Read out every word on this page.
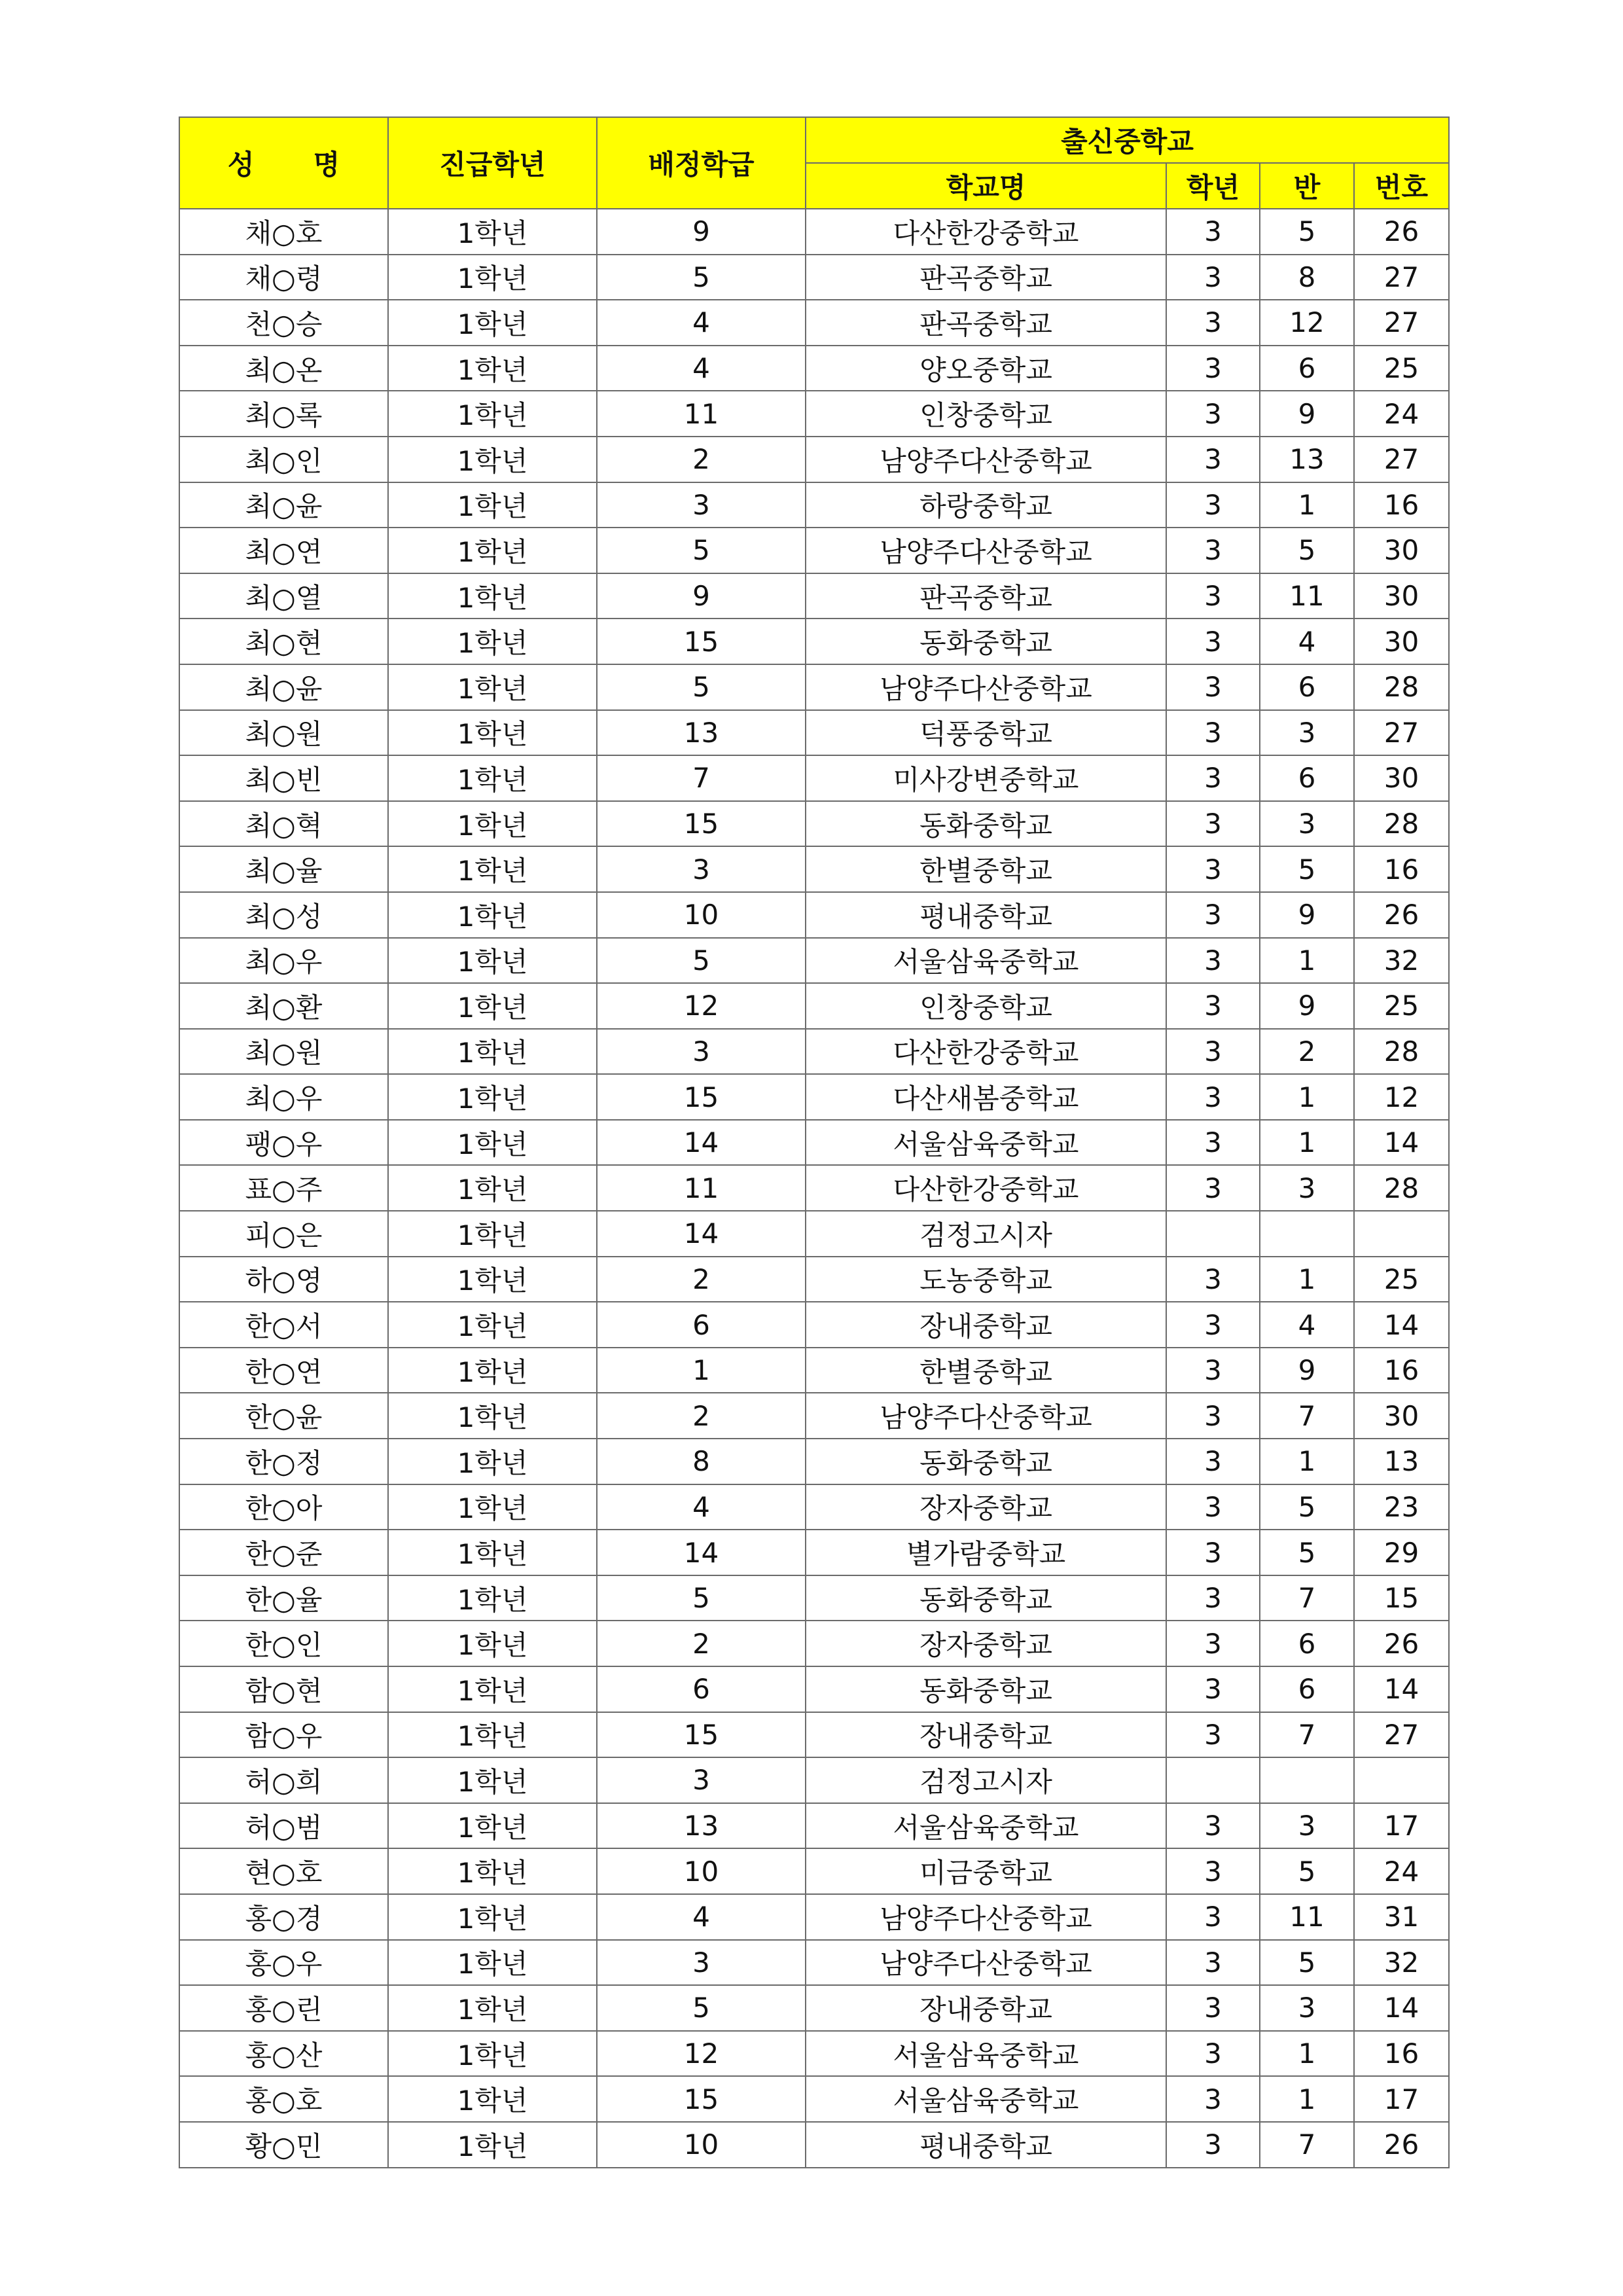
성 명	진급학년	배정학급	출신중학교			
			학교명	학년	반	번호
채○호	1학년	9	다산한강중학교	3	5	26
채○령	1학년	5	판곡중학교	3	8	27
천○승	1학년	4	판곡중학교	3	12	27
최○온	1학년	4	양오중학교	3	6	25
최○록	1학년	11	인창중학교	3	9	24
최○인	1학년	2	남양주다산중학교	3	13	27
최○윤	1학년	3	하랑중학교	3	1	16
최○연	1학년	5	남양주다산중학교	3	5	30
최○열	1학년	9	판곡중학교	3	11	30
최○현	1학년	15	동화중학교	3	4	30
최○윤	1학년	5	남양주다산중학교	3	6	28
최○원	1학년	13	덕풍중학교	3	3	27
최○빈	1학년	7	미사강변중학교	3	6	30
최○혁	1학년	15	동화중학교	3	3	28
최○율	1학년	3	한별중학교	3	5	16
최○성	1학년	10	평내중학교	3	9	26
최○우	1학년	5	서울삼육중학교	3	1	32
최○환	1학년	12	인창중학교	3	9	25
최○원	1학년	3	다산한강중학교	3	2	28
최○우	1학년	15	다산새봄중학교	3	1	12
팽○우	1학년	14	서울삼육중학교	3	1	14
표○주	1학년	11	다산한강중학교	3	3	28
피○은	1학년	14	검정고시자			
하○영	1학년	2	도농중학교	3	1	25
한○서	1학년	6	장내중학교	3	4	14
한○연	1학년	1	한별중학교	3	9	16
한○윤	1학년	2	남양주다산중학교	3	7	30
한○정	1학년	8	동화중학교	3	1	13
한○아	1학년	4	장자중학교	3	5	23
한○준	1학년	14	별가람중학교	3	5	29
한○율	1학년	5	동화중학교	3	7	15
한○인	1학년	2	장자중학교	3	6	26
함○현	1학년	6	동화중학교	3	6	14
함○우	1학년	15	장내중학교	3	7	27
허○희	1학년	3	검정고시자			
허○범	1학년	13	서울삼육중학교	3	3	17
현○호	1학년	10	미금중학교	3	5	24
홍○경	1학년	4	남양주다산중학교	3	11	31
홍○우	1학년	3	남양주다산중학교	3	5	32
홍○린	1학년	5	장내중학교	3	3	14
홍○산	1학년	12	서울삼육중학교	3	1	16
홍○호	1학년	15	서울삼육중학교	3	1	17
황○민	1학년	10	평내중학교	3	7	26
